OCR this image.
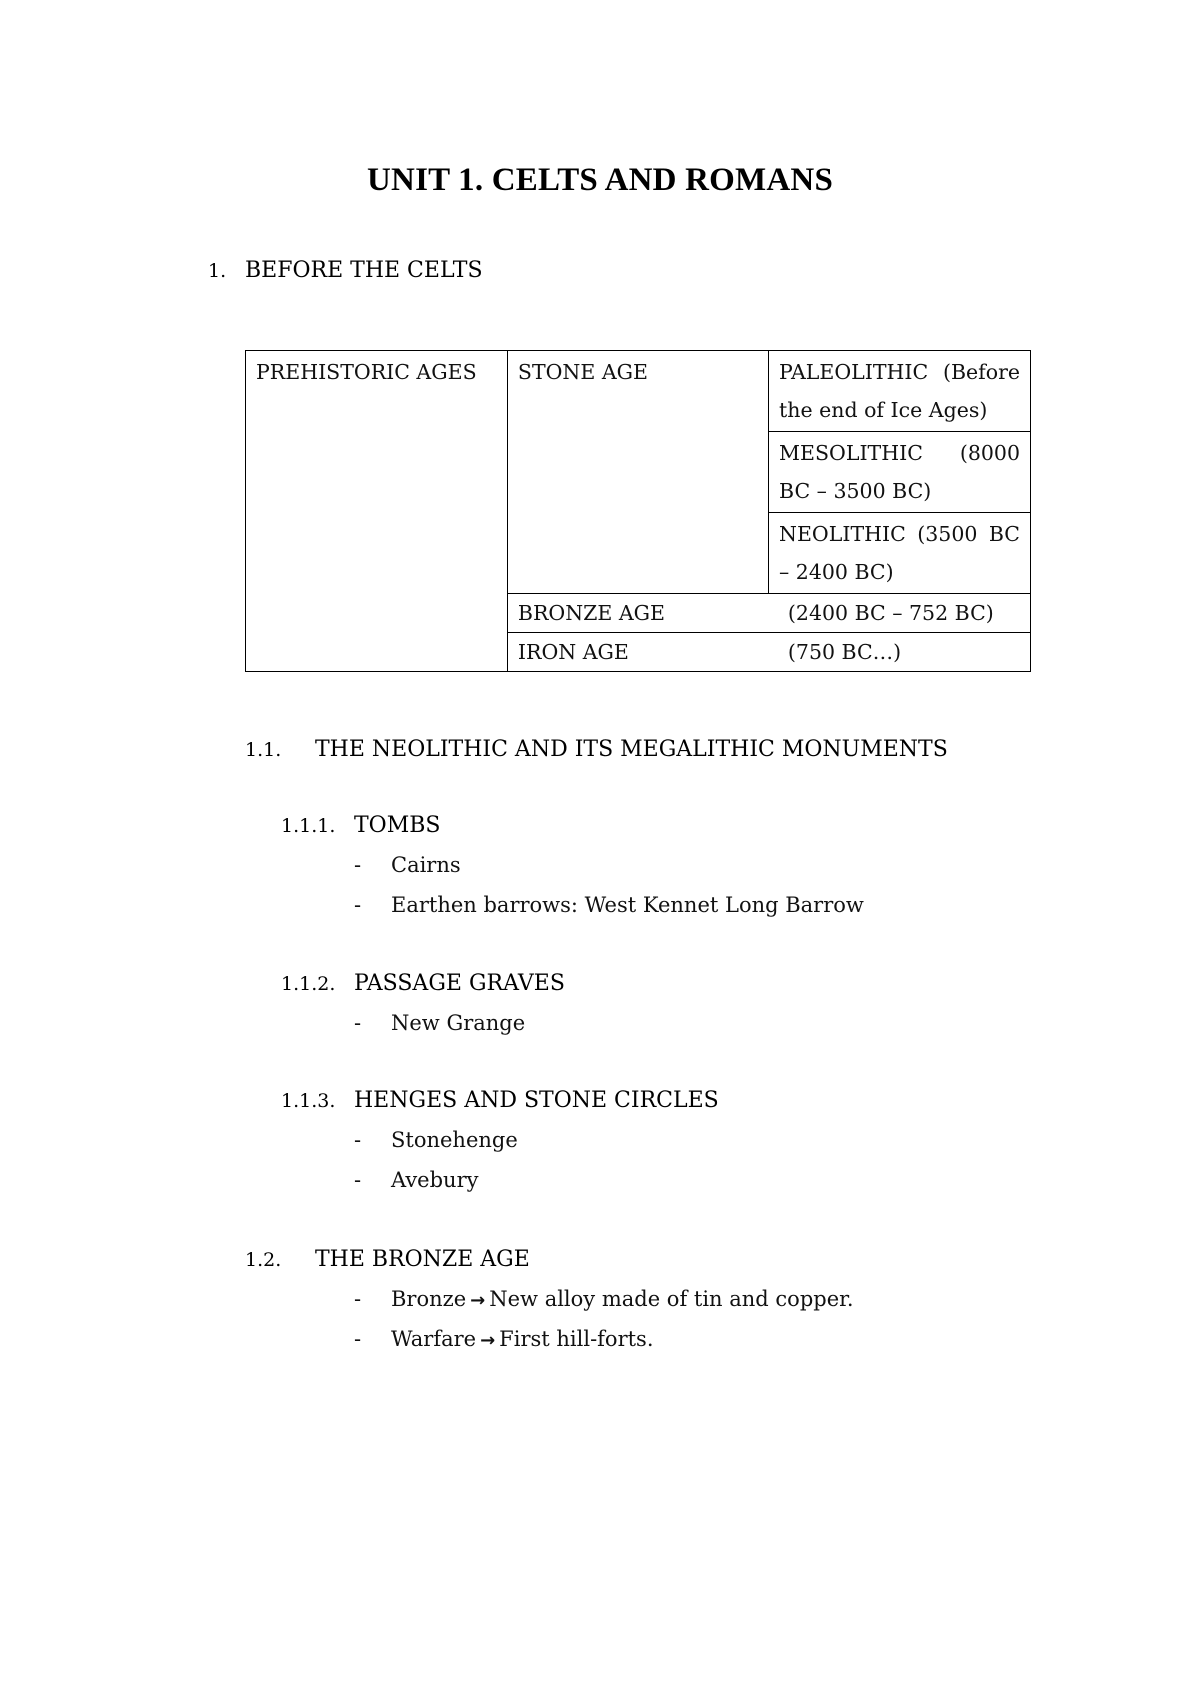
UNIT 1. CELTS AND ROMANS
1. BEFORE THE CELTS
PREHISTORIC AGES	STONE AGE	PALEOLITHIC (Before the end of Ice Ages)

MESOLITHIC (8000 BC – 3500 BC)

NEOLITHIC (3500 BC – 2400 BC)

BRONZE AGE	(2400 BC – 752 BC)
IRON AGE	(750 BC…)
1.1. THE NEOLITHIC AND ITS MEGALITHIC MONUMENTS
1.1.1. TOMBS
- Cairns
- Earthen barrows: West Kennet Long Barrow
1.1.2. PASSAGE GRAVES
- New Grange
1.1.3. HENGES AND STONE CIRCLES
- Stonehenge
- Avebury
1.2. THE BRONZE AGE
- Bronze → New alloy made of tin and copper.
- Warfare → First hill-forts.
